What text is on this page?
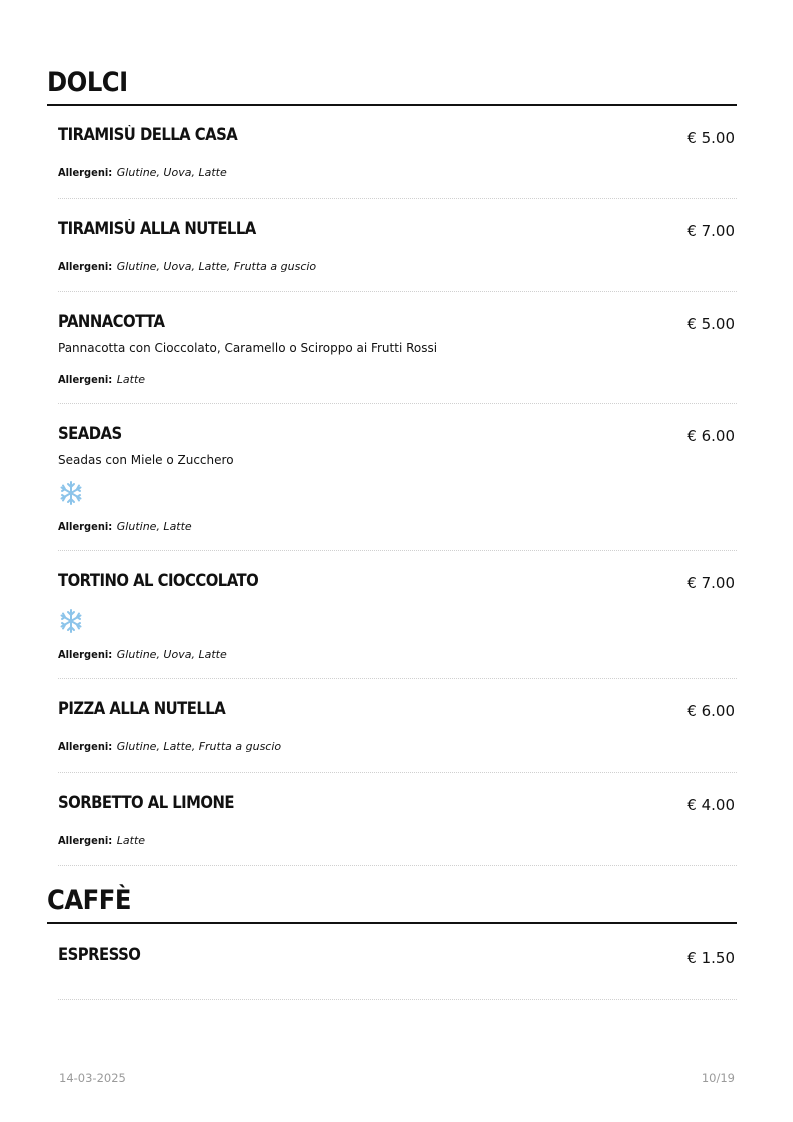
DOLCI
TIRAMISÙ DELLA CASA	€ 5.00
Allergeni: Glutine, Uova, Latte
TIRAMISÙ ALLA NUTELLA	€ 7.00
Allergeni: Glutine, Uova, Latte, Frutta a guscio
PANNACOTTA	€ 5.00
Pannacotta con Cioccolato, Caramello o Sciroppo ai Frutti Rossi
Allergeni: Latte
SEADAS	€ 6.00
Seadas con Miele o Zucchero
Allergeni: Glutine, Latte
TORTINO AL CIOCCOLATO	€ 7.00
Allergeni: Glutine, Uova, Latte
PIZZA ALLA NUTELLA	€ 6.00
Allergeni: Glutine, Latte, Frutta a guscio
SORBETTO AL LIMONE	€ 4.00
Allergeni: Latte
CAFFÈ
ESPRESSO	€ 1.50
14-03-2025	10/19
